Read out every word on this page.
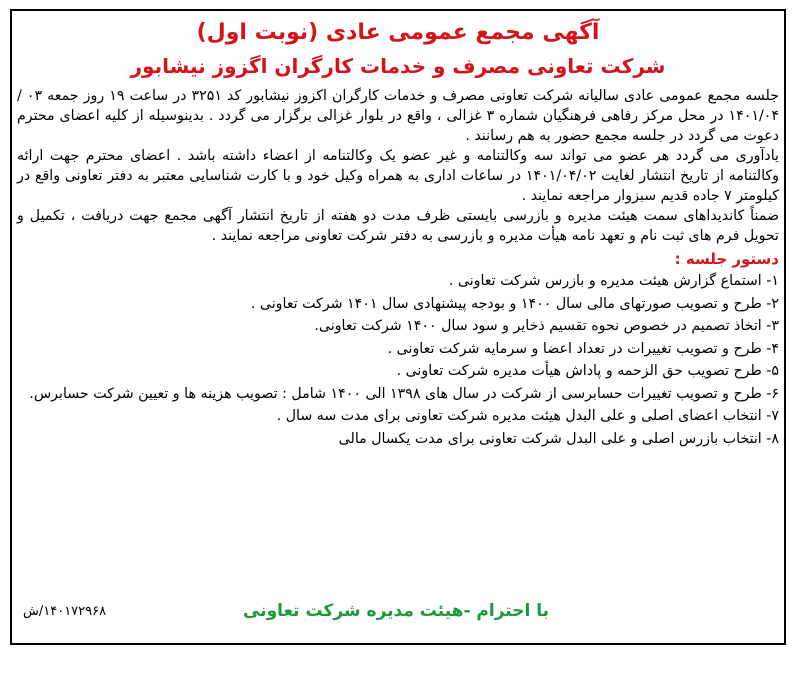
آگهی مجمع عمومی عادی (نوبت اول)
شرکت تعاونی مصرف و خدمات کارگران اگزوز نیشابور

جلسه مجمع عمومی عادی سالیانه شرکت تعاونی مصرف و خدمات کارگران اکزوز نیشابور کد ۳۲۵۱ در ساعت ۱۹ روز جمعه ۰۳ /۱۴۰۱/۰۴ در محل مرکز رفاهی فرهنگیان شماره ۳ غزالی ، واقع در بلوار غزالی برگزار می گردد . بدینوسیله از کلیه اعضای محترم دعوت می گردد در جلسه مجمع حضور به هم رسانند .

یادآوری می گردد هر عضو می تواند سه وکالتنامه و غیر عضو یک وکالتنامه از اعضاء داشته باشد . اعضای محترم جهت ارائه وکالتنامه از تاریخ انتشار لغایت ۱۴۰۱/۰۴/۰۲ در ساعات اداری به همراه وکیل خود و با کارت شناسایی معتبر به دفتر تعاونی واقع در کیلومتر ۷ جاده قدیم سبزوار مراجعه نمایند .

ضمناً کاندیداهای سمت هیئت مدیره و بازرسی بایستی ظرف مدت دو هفته از تاریخ انتشار آگهی مجمع جهت دریافت ، تکمیل و تحویل فرم های ثبت نام و تعهد نامه هیأت مدیره و بازرسی به دفتر شرکت تعاونی مراجعه نمایند .

دستور جلسه :
۱- استماع گزارش هیئت مدیره و بازرس شرکت تعاونی .
۲- طرح و تصویب صورتهای مالی سال ۱۴۰۰ و بودجه پیشنهادی سال ۱۴۰۱ شرکت تعاونی .
۳- اتخاذ تصمیم در خصوص نحوه تقسیم ذخایر و سود سال ۱۴۰۰ شرکت تعاونی.
۴- طرح و تصویب تغییرات در تعداد اعضا و سرمایه شرکت تعاونی .
۵- طرح تصویب حق الزحمه و پاداش هیأت مدیره شرکت تعاونی .
۶- طرح و تصویب تغییرات حسابرسی از شرکت در سال های ۱۳۹۸ الی ۱۴۰۰ شامل : تصویب هزینه ها و تعیین شرکت حسابرس.
۷- انتخاب اعضای اصلی و علی البدل هیئت مدیره شرکت تعاونی برای مدت سه سال .
۸- انتخاب بازرس اصلی و علی البدل شرکت تعاونی برای مدت یکسال مالی
با احترام -هیئت مدیره شرکت تعاونی
۱۴۰۱۷۲۹۶۸/ش
